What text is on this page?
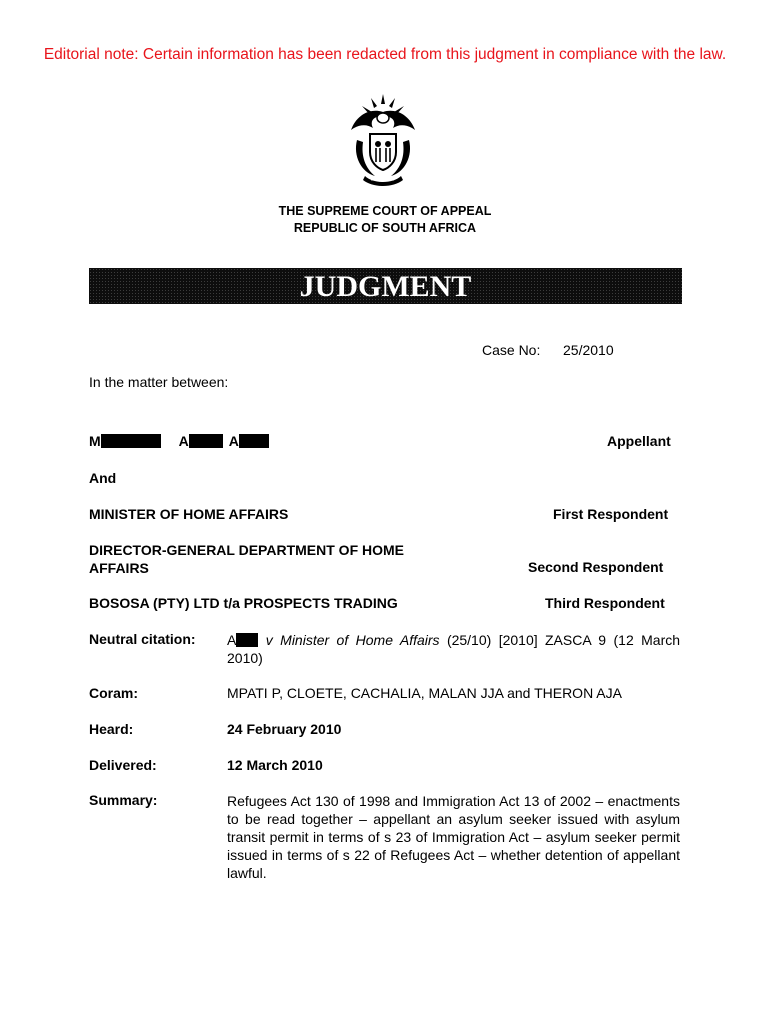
Editorial note: Certain information has been redacted from this judgment in compliance with the law.
THE SUPREME COURT OF APPEAL
REPUBLIC OF SOUTH AFRICA
JUDGMENT
Case No: 25/2010
In the matter between:
M	A	A	Appellant
And
MINISTER OF HOME AFFAIRS	First Respondent
DIRECTOR-GENERAL DEPARTMENT OF HOME
AFFAIRS	Second Respondent
BOSOSA (PTY) LTD t/a PROSPECTS TRADING	Third Respondent
Neutral citation: A v Minister of Home Affairs (25/10) [2010] ZASCA 9 (12 March 2010)
Coram:	MPATI P, CLOETE, CACHALIA, MALAN JJA and THERON AJA
Heard:	24 February 2010
Delivered:	12 March 2010
Summary:	Refugees Act 130 of 1998 and Immigration Act 13 of 2002 – enactments to be read together – appellant an asylum seeker issued with asylum transit permit in terms of s 23 of Immigration Act – asylum seeker permit issued in terms of s 22 of Refugees Act – whether detention of appellant lawful.
